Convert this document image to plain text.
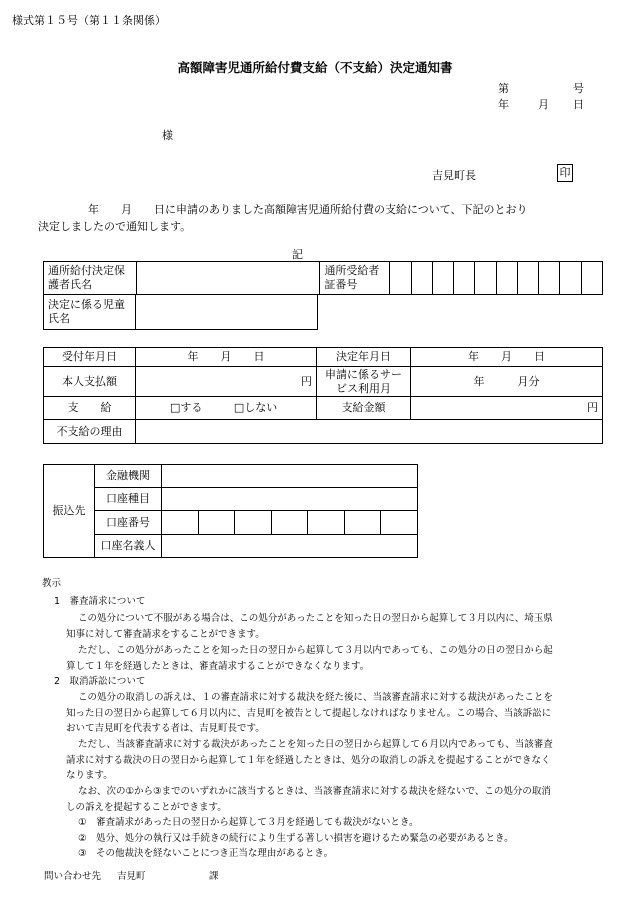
様式第１５号（第１１条関係）
高額障害児通所給付費支給（不支給）決定通知書
第	号
年	月 日
様
吉見町長	印
年　　月　　日に申請のありました高額障害児通所給付費の支給について、下記のとおり
決定しましたので通知します。
記
通所給付決定保護者氏名		通所受給者証番号										
決定に係る児童氏名	
受付年月日	年　　月　　日	決定年月日	年　　月　　日
本人支払額	円	申請に係るサービス利用月	年　　　月分
支　　給	□する □しない	支給金額	円
不支給の理由			
振込先	金融機関							
	口座種目							
	口座番号							
	口座名義人							
教示
1　審査請求について
この処分について不服がある場合は、この処分があったことを知った日の翌日から起算して３月以内に、埼玉県
知事に対して審査請求をすることができます。
ただし、この処分があったことを知った日の翌日から起算して３月以内であっても、この処分の日の翌日から起
算して１年を経過したときは、審査請求することができなくなります。
2　取消訴訟について
この処分の取消しの訴えは、１の審査請求に対する裁決を経た後に、当該審査請求に対する裁決があったことを
知った日の翌日から起算して６月以内に、吉見町を被告として提起しなければなりません。この場合、当該訴訟に
おいて吉見町を代表する者は、吉見町長です。
ただし、当該審査請求に対する裁決があったことを知った日の翌日から起算して６月以内であっても、当該審査
請求に対する裁決の日の翌日から起算して１年を経過したときは、処分の取消しの訴えを提起することができなく
なります。
なお、次の①から③までのいずれかに該当するときは、当該審査請求に対する裁決を経ないで、この処分の取消
しの訴えを提起することができます。
①　審査請求があった日の翌日から起算して３月を経過しても裁決がないとき。
②　処分、処分の執行又は手続きの続行により生ずる著しい損害を避けるため緊急の必要があるとき。
③　その他裁決を経ないことにつき正当な理由があるとき。
問い合わせ先 吉見町	課
